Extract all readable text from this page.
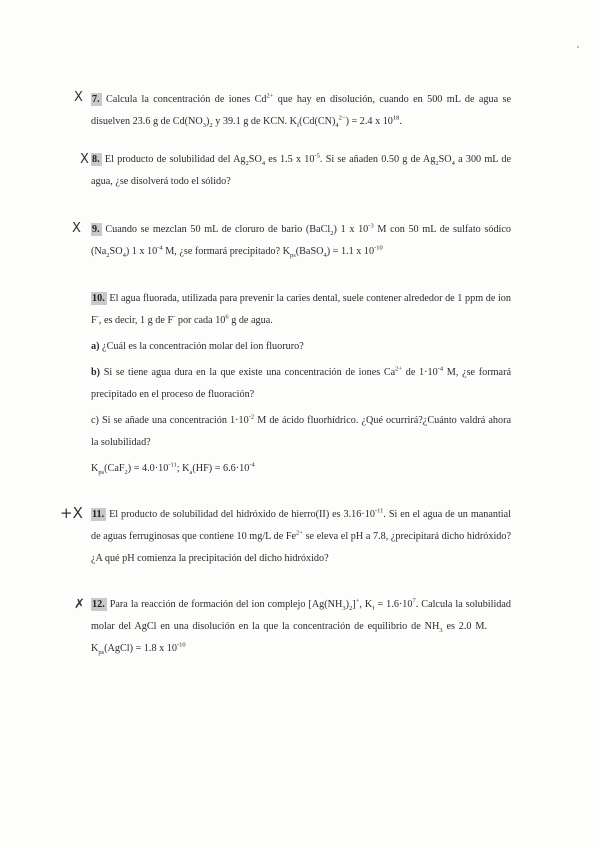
X 7. Calcula la concentración de iones $Cd^{2+}$ que hay en disolución, cuando en 500 mL de agua se disuelven 23.6 g de $Cd(NO_3)_2$ y 39.1 g de KCN. $K_f(Cd(CN)_4^{2-}) = 2.4$ x $10^{18}$.

X 8. El producto de solubilidad del $Ag_2SO_4$ es 1.5 x $10^{-5}$. Si se añaden 0.50 g de $Ag_2SO_4$ a 300 mL de agua, ¿se disolverá todo el sólido?

X 9. Cuando se mezclan 50 mL de cloruro de bario (BaCl$_2$) 1 x $10^{-3}$ M con 50 mL de sulfato sódico $(Na_2SO_4)$ 1 x $10^{-4}$ M, ¿se formará precipitado? $K_{ps}(BaSO_4) = 1.1$ x $10^{-10}$

10. El agua fluorada, utilizada para prevenir la caries dental, suele contener alrededor de 1 ppm de ion F-, es decir, 1 g de F- por cada $10^6$ g de agua.

a) ¿Cuál es la concentración molar del ion fluoruro?

b) Si se tiene agua dura en la que existe una concentración de iones $Ca^{2+}$ de $1\cdot 10^{-4}$ M, ¿se formará precipitado en el proceso de fluoración?

c) Si se añade una concentración $1\cdot 10^{-2}$ M de ácido fluorhídrico. ¿Qué ocurrirá?¿Cuánto valdrá ahora la solubilidad?

$K_{ps}(CaF_2) = 4.0\cdot 10^{-11}$; $K_a(HF) = 6.6\cdot 10^{-4}$

+X 11. El producto de solubilidad del hidróxido de hierro(II) es $3.16\cdot 10^{-11}$. Si en el agua de un manantial de aguas ferruginosas que contiene 10 mg/L de $Fe^{2+}$ se eleva el pH a 7.8, ¿precipitará dicho hidróxido? ¿A qué pH comienza la precipitación del dicho hidróxido?

✗ 12. Para la reacción de formación del ion complejo $[Ag(NH_3)_2]^+$, $K_f = 1.6\cdot 10^7$. Calcula la solubilidad molar del AgCl en una disolución en la que la concentración de equilibrio de $NH_3$ es 2.0 $M.K_{ps}(AgCl) = 1.8$ x $10^{-10}$
